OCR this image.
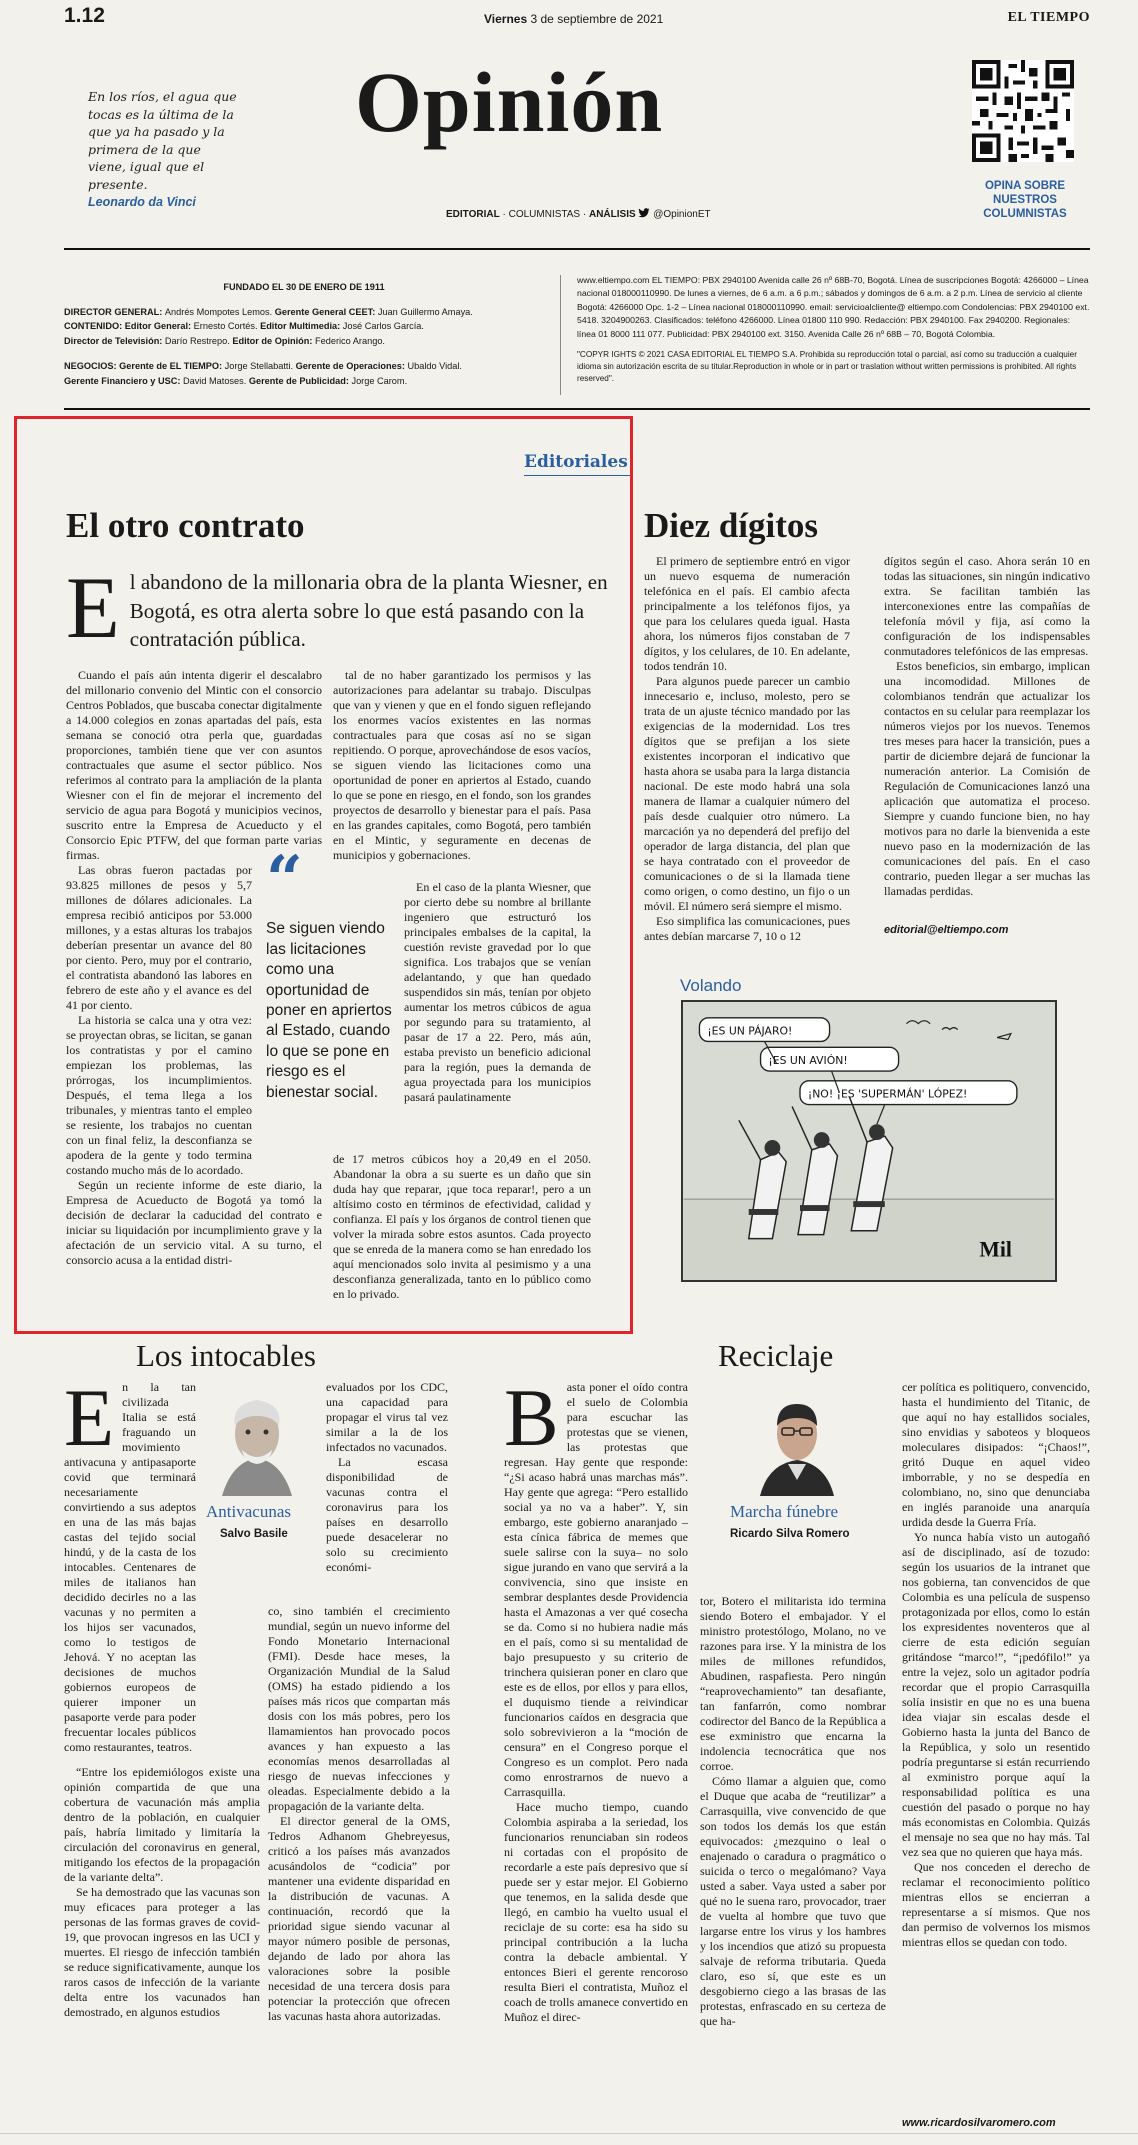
1.12	Viernes 3 de septiembre de 2021	EL TIEMPO
En los ríos, el agua que tocas es la última de la que ya ha pasado y la primera de la que viene, igual que el presente.
Leonardo da Vinci
Opinión
EDITORIAL · COLUMNISTAS · ANÁLISIS @OpinionET
OPINA SOBRE NUESTROS COLUMNISTAS
FUNDADO EL 30 DE ENERO DE 1911

DIRECTOR GENERAL: Andrés Mompotes Lemos. Gerente General CEET: Juan Guillermo Amaya.

CONTENIDO: Editor General: Ernesto Cortés. Editor Multimedia: José Carlos García.

Director de Televisión: Darío Restrepo. Editor de Opinión: Federico Arango.

NEGOCIOS: Gerente de EL TIEMPO: Jorge Stellabatti. Gerente de Operaciones: Ubaldo Vidal.

Gerente Financiero y USC: David Matoses. Gerente de Publicidad: Jorge Carom.

www.eltiempo.com EL TIEMPO: PBX 2940100 Avenida calle 26 nº 68B-70, Bogotá. Línea de suscripciones Bogotá: 4266000 – Línea nacional 018000110990. De lunes a viernes, de 6 a.m. a 6 p.m.; sábados y domingos de 6 a.m. a 2 p.m. Línea de servicio al cliente Bogotá: 4266000 Opc. 1-2 – Línea nacional 018000110990. email: servicioalcliente@ eltiempo.com Condolencias: PBX 2940100 ext. 5418. 3204900263. Clasificados: teléfono 4266000. Línea 01800 110 990. Redacción: PBX 2940100. Fax 2940200. Regionales: línea 01 8000 111 077. Publicidad: PBX 2940100 ext. 3150. Avenida Calle 26 nº 68B – 70, Bogotá Colombia.
"COPYR IGHTS © 2021 CASA EDITORIAL EL TIEMPO S.A. Prohibida su reproducción total o parcial, así como su traducción a cualquier idioma sin autorización escrita de su titular.Reproduction in whole or in part or traslation without written permissions is prohibited. All rights reserved".
Editoriales
El otro contrato
El abandono de la millonaria obra de la planta Wiesner, en Bogotá, es otra alerta sobre lo que está pasando con la contratación pública.

Cuando el país aún intenta digerir el descalabro del millonario convenio del Mintic con el consorcio Centros Poblados, que buscaba conectar digitalmente a 14.000 colegios en zonas apartadas del país, esta semana se conoció otra perla que, guardadas proporciones, también tiene que ver con asuntos contractuales que asume el sector público. Nos referimos al contrato para la ampliación de la planta Wiesner con el fin de mejorar el incremento del servicio de agua para Bogotá y municipios vecinos, suscrito entre la Empresa de Acueducto y el Consorcio Epic PTFW, del que forman parte varias firmas.

Las obras fueron pactadas por 93.825 millones de pesos y 5,7 millones de dólares adicionales. La empresa recibió anticipos por 53.000 millones, y a estas alturas los trabajos deberían presentar un avance del 80 por ciento. Pero, muy por el contrario, el contratista abandonó las labores en febrero de este año y el avance es del 41 por ciento.

La historia se calca una y otra vez: se proyectan obras, se licitan, se ganan los contratistas y por el camino empiezan los problemas, las prórrogas, los incumplimientos. Después, el tema llega a los tribunales, y mientras tanto el empleo se resiente, los trabajos no cuentan con un final feliz, la desconfianza se apodera de la gente y todo termina costando mucho más de lo acordado.

Según un reciente informe de este diario, la Empresa de Acueducto de Bogotá ya tomó la decisión de declarar la caducidad del contrato e iniciar su liquidación por incumplimiento grave y la afectación de un servicio vital. A su turno, el consorcio acusa a la entidad distri-

tal de no haber garantizado los permisos y las autorizaciones para adelantar su trabajo. Disculpas que van y vienen y que en el fondo siguen reflejando los enormes vacíos existentes en las normas contractuales para que cosas así no se sigan repitiendo. O porque, aprovechándose de esos vacíos, se siguen viendo las licitaciones como una oportunidad de poner en apriertos al Estado, cuando lo que se pone en riesgo, en el fondo, son los grandes proyectos de desarrollo y bienestar para el país. Pasa en las grandes capitales, como Bogotá, pero también en el Mintic, y seguramente en decenas de municipios y gobernaciones.

En el caso de la planta Wiesner, que por cierto debe su nombre al brillante ingeniero que estructuró los principales embalses de la capital, la cuestión reviste gravedad por lo que significa. Los trabajos que se venían adelantando, y que han quedado suspendidos sin más, tenían por objeto aumentar los metros cúbicos de agua por segundo para su tratamiento, al pasar de 17 a 22. Pero, más aún, estaba previsto un beneficio adicional para la región, pues la demanda de agua proyectada para los municipios pasará paulatinamente

de 17 metros cúbicos hoy a 20,49 en el 2050. Abandonar la obra a su suerte es un daño que sin duda hay que reparar, ¡que toca reparar!, pero a un altísimo costo en términos de efectividad, calidad y confianza. El país y los órganos de control tienen que volver la mirada sobre estos asuntos. Cada proyecto que se enreda de la manera como se han enredado los aquí mencionados solo invita al pesimismo y a una desconfianza generalizada, tanto en lo público como en lo privado.

“
Se siguen viendo las licitaciones como una oportunidad de poner en apriertos al Estado, cuando lo que se pone en riesgo es el bienestar social.
Diez dígitos

El primero de septiembre entró en vigor un nuevo esquema de numeración telefónica en el país. El cambio afecta principalmente a los teléfonos fijos, ya que para los celulares queda igual. Hasta ahora, los números fijos constaban de 7 dígitos, y los celulares, de 10. En adelante, todos tendrán 10.

Para algunos puede parecer un cambio innecesario e, incluso, molesto, pero se trata de un ajuste técnico mandado por las exigencias de la modernidad. Los tres dígitos que se prefijan a los siete existentes incorporan el indicativo que hasta ahora se usaba para la larga distancia nacional. De este modo habrá una sola manera de llamar a cualquier número del país desde cualquier otro número. La marcación ya no dependerá del prefijo del operador de larga distancia, del plan que se haya contratado con el proveedor de comunicaciones o de si la llamada tiene como origen, o como destino, un fijo o un móvil. El número será siempre el mismo.

Eso simplifica las comunicaciones, pues antes debían marcarse 7, 10 o 12

dígitos según el caso. Ahora serán 10 en todas las situaciones, sin ningún indicativo extra. Se facilitan también las interconexiones entre las compañías de telefonía móvil y fija, así como la configuración de los indispensables conmutadores telefónicos de las empresas.

Estos beneficios, sin embargo, implican una incomodidad. Millones de colombianos tendrán que actualizar los contactos en su celular para reemplazar los números viejos por los nuevos. Tenemos tres meses para hacer la transición, pues a partir de diciembre dejará de funcionar la numeración anterior. La Comisión de Regulación de Comunicaciones lanzó una aplicación que automatiza el proceso. Siempre y cuando funcione bien, no hay motivos para no darle la bienvenida a este nuevo paso en la modernización de las comunicaciones del país. En el caso contrario, pueden llegar a ser muchas las llamadas perdidas.

editorial@eltiempo.com
Volando
¡ES UN PÁJARO!
¡ES UN AVIÓN!
¡NO! ¡ES 'SUPERMÁN' LÓPEZ!
Mil
Los intocables	Reciclaje
Antivacunas
Salvo Basile
En la tan civilizada Italia se está fraguando un movimiento antivacuna y antipasaporte covid que terminará necesariamente convirtiendo a sus adeptos en una de las más bajas castas del tejido social hindú, y de la casta de los intocables. Centenares de miles de italianos han decidido decirles no a las vacunas y no permiten a los hijos ser vacunados, como lo testigos de Jehová. Y no aceptan las decisiones de muchos gobiernos europeos de quierer imponer un pasaporte verde para poder frecuentar locales públicos como restaurantes, teatros.

“Entre los epidemiólogos existe una opinión compartida de que una cobertura de vacunación más amplia dentro de la población, en cualquier país, habría limitado y limitaría la circulación del coronavirus en general, mitigando los efectos de la propagación de la variante delta”.

Se ha demostrado que las vacunas son muy eficaces para proteger a las personas de las formas graves de covid-19, que provocan ingresos en las UCI y muertes. El riesgo de infección también se reduce significativamente, aunque los raros casos de infección de la variante delta entre los vacunados han demostrado, en algunos estudios

evaluados por los CDC, una capacidad para propagar el virus tal vez similar a la de los infectados no vacunados.

La escasa disponibilidad de vacunas contra el coronavirus para los países en desarrollo puede desacelerar no solo su crecimiento económi-

co, sino también el crecimiento mundial, según un nuevo informe del Fondo Monetario Internacional (FMI). Desde hace meses, la Organización Mundial de la Salud (OMS) ha estado pidiendo a los países más ricos que compartan más dosis con los más pobres, pero los llamamientos han provocado pocos avances y han expuesto a las economías menos desarrolladas al riesgo de nuevas infecciones y oleadas. Especialmente debido a la propagación de la variante delta.

El director general de la OMS, Tedros Adhanom Ghebreyesus, criticó a los países más avanzados acusándolos de “codicia” por mantener una evidente disparidad en la distribución de vacunas. A continuación, recordó que la prioridad sigue siendo vacunar al mayor número posible de personas, dejando de lado por ahora las valoraciones sobre la posible necesidad de una tercera dosis para potenciar la protección que ofrecen las vacunas hasta ahora autorizadas.

Marcha fúnebre
Ricardo Silva Romero
Basta poner el oído contra el suelo de Colombia para escuchar las protestas que se vienen, las protestas que regresan. Hay gente que responde: “¿Si acaso habrá unas marchas más”. Hay gente que agrega: “Pero estallido social ya no va a haber”. Y, sin embargo, este gobierno anaranjado –esta cínica fábrica de memes que suele salirse con la suya– no solo sigue jurando en vano que servirá a la convivencia, sino que insiste en sembrar desplantes desde Providencia hasta el Amazonas a ver qué cosecha se da. Como si no hubiera nadie más en el país, como si su mentalidad de bajo presupuesto y su criterio de trinchera quisieran poner en claro que este es de ellos, por ellos y para ellos, el duquismo tiende a reivindicar funcionarios caídos en desgracia que solo sobrevivieron a la “moción de censura” en el Congreso porque el Congreso es un complot. Pero nada como enrostrarnos de nuevo a Carrasquilla.

Hace mucho tiempo, cuando Colombia aspiraba a la seriedad, los funcionarios renunciaban sin rodeos ni cortadas con el propósito de recordarle a este país depresivo que sí puede ser y estar mejor. El Gobierno que tenemos, en la salida desde que llegó, en cambio ha vuelto usual el reciclaje de su corte: esa ha sido su principal contribución a la lucha contra la debacle ambiental. Y entonces Bieri el gerente rencoroso resulta Bieri el contratista, Muñoz el coach de trolls amanece convertido en Muñoz el direc-

tor, Botero el militarista ido termina siendo Botero el embajador. Y el ministro protestólogo, Molano, no ve razones para irse. Y la ministra de los miles de millones refundidos, Abudinen, raspafiesta. Pero ningún “reaprovechamiento” tan desafiante, tan fanfarrón, como nombrar codirector del Banco de la República a ese exministro que encarna la indolencia tecnocrática que nos corroe.

Cómo llamar a alguien que, como el Duque que acaba de “reutilizar” a Carrasquilla, vive convencido de que son todos los demás los que están equivocados: ¿mezquino o leal o enajenado o caradura o pragmático o suicida o terco o megalómano? Vaya usted a saber. Vaya usted a saber por qué no le suena raro, provocador, traer de vuelta al hombre que tuvo que largarse entre los virus y los hambres y los incendios que atizó su propuesta salvaje de reforma tributaria. Queda claro, eso sí, que este es un desgobierno ciego a las brasas de las protestas, enfrascado en su certeza de que ha-

cer política es politiquero, convencido, hasta el hundimiento del Titanic, de que aquí no hay estallidos sociales, sino envidias y saboteos y bloqueos moleculares disipados: “¡Chaos!”, gritó Duque en aquel video imborrable, y no se despedía en colombiano, no, sino que denunciaba en inglés paranoide una anarquía urdida desde la Guerra Fría.

Yo nunca había visto un autogañó así de disciplinado, así de tozudo: según los usuarios de la intranet que nos gobierna, tan convencidos de que Colombia es una película de suspenso protagonizada por ellos, como lo están los expresidentes noventeros que al cierre de esta edición seguían gritándose “marco!”, “¡pedófilo!” ya entre la vejez, solo un agitador podría recordar que el propio Carrasquilla solía insistir en que no es una buena idea viajar sin escalas desde el Gobierno hasta la junta del Banco de la República, y solo un resentido podría preguntarse si están recurriendo al exministro porque aquí la responsabilidad política es una cuestión del pasado o porque no hay más economistas en Colombia. Quizás el mensaje no sea que no hay más. Tal vez sea que no quieren que haya más.

Que nos conceden el derecho de reclamar el reconocimiento político mientras ellos se encierran a representarse a sí mismos. Que nos dan permiso de volvernos los mismos mientras ellos se quedan con todo.

www.ricardosilvaromero.com
